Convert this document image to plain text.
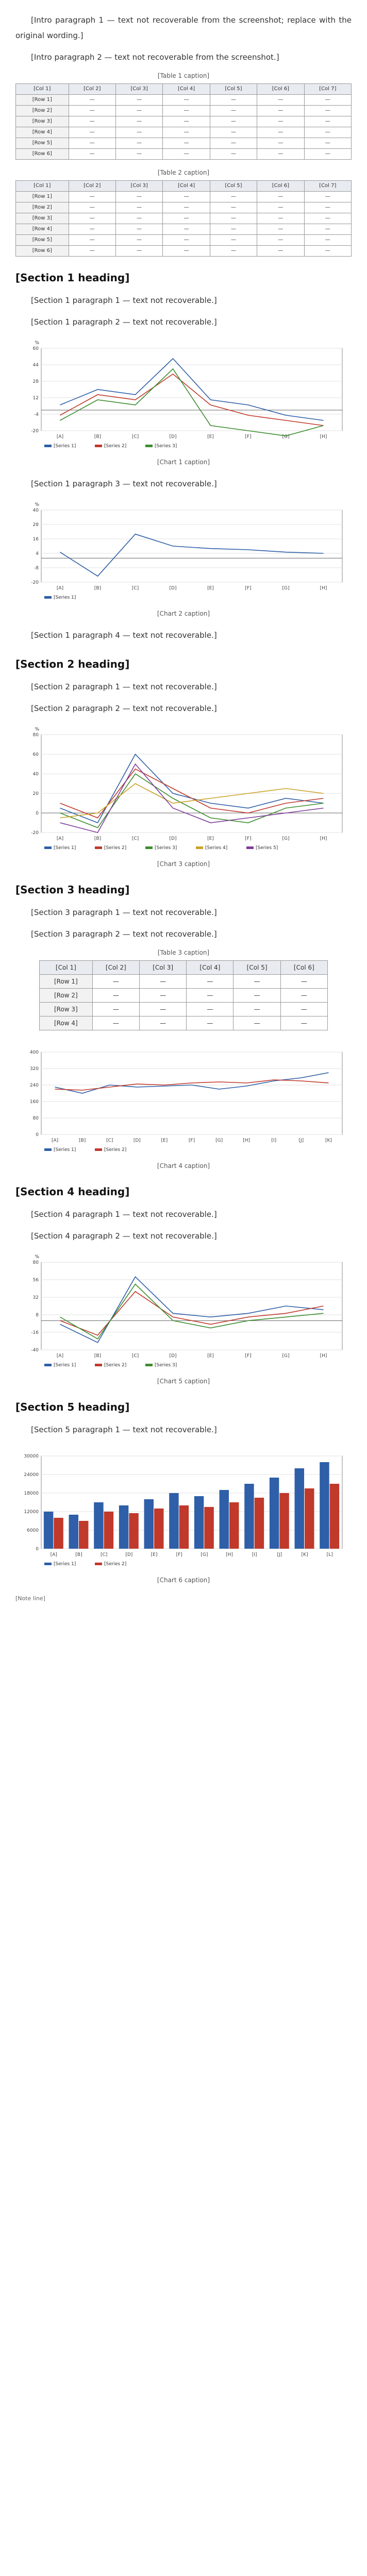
[Intro paragraph 1 — text not recoverable from the screenshot; replace with the original wording.]

[Intro paragraph 2 — text not recoverable from the screenshot.]

[Table 1 caption]
[Col 1]	[Col 2]	[Col 3]	[Col 4]	[Col 5]	[Col 6]	[Col 7]
[Row 1]	—	—	—	—	—	—
[Row 2]	—	—	—	—	—	—
[Row 3]	—	—	—	—	—	—
[Row 4]	—	—	—	—	—	—
[Row 5]	—	—	—	—	—	—
[Row 6]	—	—	—	—	—	—
[Table 2 caption]
[Col 1]	[Col 2]	[Col 3]	[Col 4]	[Col 5]	[Col 6]	[Col 7]
[Row 1]	—	—	—	—	—	—
[Row 2]	—	—	—	—	—	—
[Row 3]	—	—	—	—	—	—
[Row 4]	—	—	—	—	—	—
[Row 5]	—	—	—	—	—	—
[Row 6]	—	—	—	—	—	—
[Section 1 heading]

[Section 1 paragraph 1 — text not recoverable.]

[Section 1 paragraph 2 — text not recoverable.]

-20
-4
12
28
44
60
%
[A]	[B]	[C]	[D]	[E]	[F]	[G]	[H]
[Series 1]	[Series 2]	[Series 3]
[Chart 1 caption]

[Section 1 paragraph 3 — text not recoverable.]

-20
-8
4
16
28
40
%
[A]	[B]	[C]	[D]	[E]	[F]	[G]	[H]
[Series 1]
[Chart 2 caption]

[Section 1 paragraph 4 — text not recoverable.]

[Section 2 heading]

[Section 2 paragraph 1 — text not recoverable.]

[Section 2 paragraph 2 — text not recoverable.]

-20
0
20
40
60
80
%
[A]	[B]	[C]	[D]	[E]	[F]	[G]	[H]
[Series 1]	[Series 2]	[Series 3]	[Series 4]	[Series 5]
[Chart 3 caption]
[Section 3 heading]

[Section 3 paragraph 1 — text not recoverable.]

[Section 3 paragraph 2 — text not recoverable.]

[Table 3 caption]
[Col 1]	[Col 2]	[Col 3]	[Col 4]	[Col 5]	[Col 6]
[Row 1]	—	—	—	—	—
[Row 2]	—	—	—	—	—
[Row 3]	—	—	—	—	—
[Row 4]	—	—	—	—	—
0
80
160
240
320
400
[A]	[B]	[C]	[D]	[E]	[F]	[G]	[H]	[I]	[J]	[K]
[Series 1]	[Series 2]
[Chart 4 caption]
[Section 4 heading]

[Section 4 paragraph 1 — text not recoverable.]

[Section 4 paragraph 2 — text not recoverable.]

-40
-16
8
32
56
80
%
[A]	[B]	[C]	[D]	[E]	[F]	[G]	[H]
[Series 1]	[Series 2]	[Series 3]
[Chart 5 caption]
[Section 5 heading]

[Section 5 paragraph 1 — text not recoverable.]

0
6000
12000
18000
24000
30000
[A]	[B]	[C]	[D]	[E]	[F]	[G]	[H]	[I]	[J]	[K]	[L]
[Series 1]	[Series 2]
[Chart 6 caption]
[Note line]
